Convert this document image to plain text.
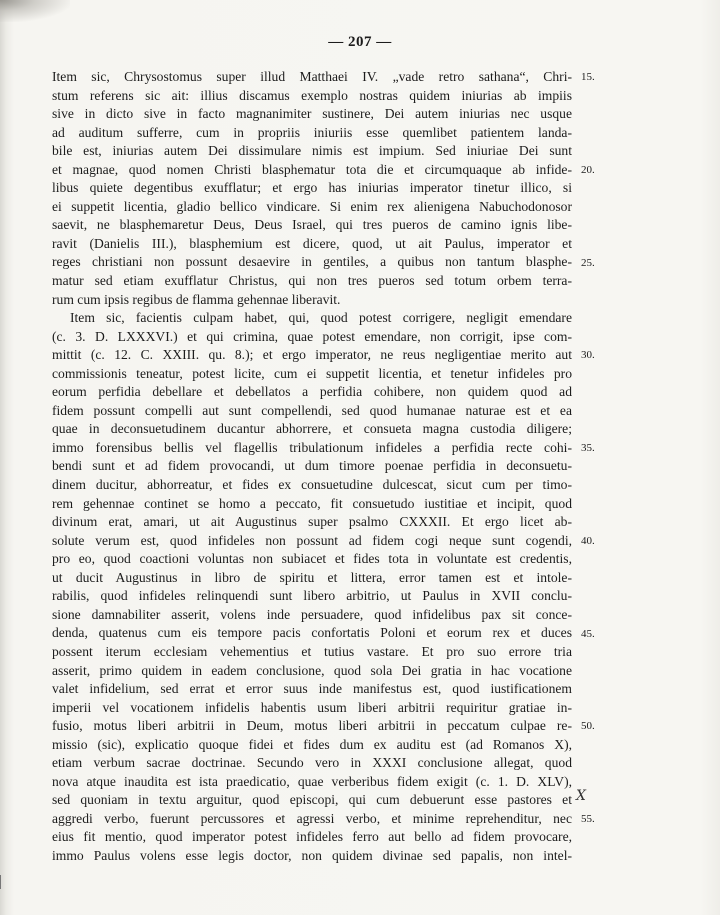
— 207 —
Item sic, Chrysostomus super illud Matthaei IV. „vade retro sathana“, Chri-
stum referens sic ait: illius discamus exemplo nostras quidem iniurias ab impiis
sive in dicto sive in facto magnanimiter sustinere, Dei autem iniurias nec usque
ad auditum sufferre, cum in propriis iniuriis esse quemlibet patientem landa-
bile est, iniurias autem Dei dissimulare nimis est impium. Sed iniuriae Dei sunt
et magnae, quod nomen Christi blasphematur tota die et circumquaque ab infide-
libus quiete degentibus exufflatur; et ergo has iniurias imperator tinetur illico, si
ei suppetit licentia, gladio bellico vindicare. Si enim rex alienigena Nabuchodonosor
saevit, ne blasphemaretur Deus, Deus Israel, qui tres pueros de camino ignis libe-
ravit (Danielis III.), blasphemium est dicere, quod, ut ait Paulus, imperator et
reges christiani non possunt desaevire in gentiles, a quibus non tantum blasphe-
matur sed etiam exufflatur Christus, qui non tres pueros sed totum orbem terra-
rum cum ipsis regibus de flamma gehennae liberavit.
Item sic, facientis culpam habet, qui, quod potest corrigere, negligit emendare
(c. 3. D. LXXXVI.) et qui crimina, quae potest emendare, non corrigit, ipse com-
mittit (c. 12. C. XXIII. qu. 8.); et ergo imperator, ne reus negligentiae merito aut
commissionis teneatur, potest licite, cum ei suppetit licentia, et tenetur infideles pro
eorum perfidia debellare et debellatos a perfidia cohibere, non quidem quod ad
fidem possunt compelli aut sunt compellendi, sed quod humanae naturae est et ea
quae in deconsuetudinem ducantur abhorrere, et consueta magna custodia diligere;
immo forensibus bellis vel flagellis tribulationum infideles a perfidia recte cohi-
bendi sunt et ad fidem provocandi, ut dum timore poenae perfidia in deconsuetu-
dinem ducitur, abhorreatur, et fides ex consuetudine dulcescat, sicut cum per timo-
rem gehennae continet se homo a peccato, fit consuetudo iustitiae et incipit, quod
divinum erat, amari, ut ait Augustinus super psalmo CXXXII. Et ergo licet ab-
solute verum est, quod infideles non possunt ad fidem cogi neque sunt cogendi,
pro eo, quod coactioni voluntas non subiacet et fides tota in voluntate est credentis,
ut ducit Augustinus in libro de spiritu et littera, error tamen est et intole-
rabilis, quod infideles relinquendi sunt libero arbitrio, ut Paulus in XVII conclu-
sione damnabiliter asserit, volens inde persuadere, quod infidelibus pax sit conce-
denda, quatenus cum eis tempore pacis confortatis Poloni et eorum rex et duces
possent iterum ecclesiam vehementius et tutius vastare. Et pro suo errore tria
asserit, primo quidem in eadem conclusione, quod sola Dei gratia in hac vocatione
valet infidelium, sed errat et error suus inde manifestus est, quod iustificationem
imperii vel vocationem infidelis habentis usum liberi arbitrii requiritur gratiae in-
fusio, motus liberi arbitrii in Deum, motus liberi arbitrii in peccatum culpae re-
missio (sic), explicatio quoque fidei et fides dum ex auditu est (ad Romanos X),
etiam verbum sacrae doctrinae. Secundo vero in XXXI conclusione allegat, quod
nova atque inaudita est ista praedicatio, quae verberibus fidem exigit (c. 1. D. XLV),
sed quoniam in textu arguitur, quod episcopi, qui cum debuerunt esse pastores et
aggredi verbo, fuerunt percussores et agressi verbo, et minime reprehenditur, nec
eius fit mentio, quod imperator potest infideles ferro aut bello ad fidem provocare,
immo Paulus volens esse legis doctor, non quidem divinae sed papalis, non intel-
15.
20.
25.
30.
35.
40.
45.
50.
55.
X
